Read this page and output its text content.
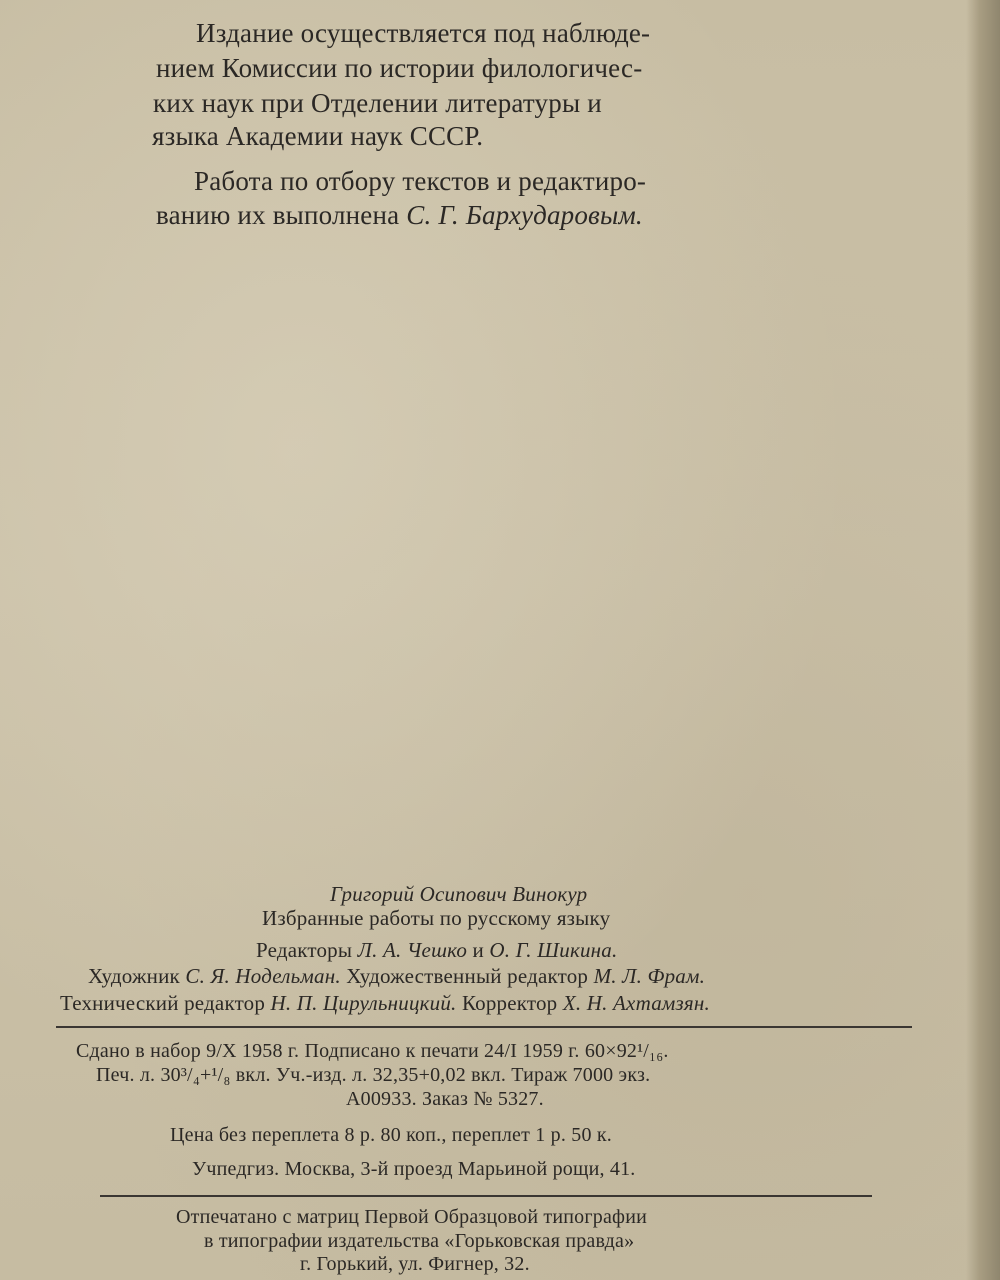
Издание осуществляется под наблюде-
нием Комиссии по истории филологичес-
ких наук при Отделении литературы и
языка Академии наук СССР.
Работа по отбору текстов и редактиро-
ванию их выполнена С. Г. Бархударовым.
Григорий Осипович Винокур
Избранные работы по русскому языку
Редакторы Л. А. Чешко и О. Г. Шикина.
Художник С. Я. Нодельман. Художественный редактор М. Л. Фрам.
Технический редактор Н. П. Цирульницкий. Корректор Х. Н. Ахтамзян.
Сдано в набор 9/X 1958 г. Подписано к печати 24/I 1959 г. 60×92¹/₁₆.
Печ. л. 30³/₄+¹/₈ вкл. Уч.-изд. л. 32,35+0,02 вкл. Тираж 7000 экз.
А00933. Заказ № 5327.
Цена без переплета 8 р. 80 коп., переплет 1 р. 50 к.
Учпедгиз. Москва, 3-й проезд Марьиной рощи, 41.
Отпечатано с матриц Первой Образцовой типографии
в типографии издательства «Горьковская правда»
г. Горький, ул. Фигнер, 32.
